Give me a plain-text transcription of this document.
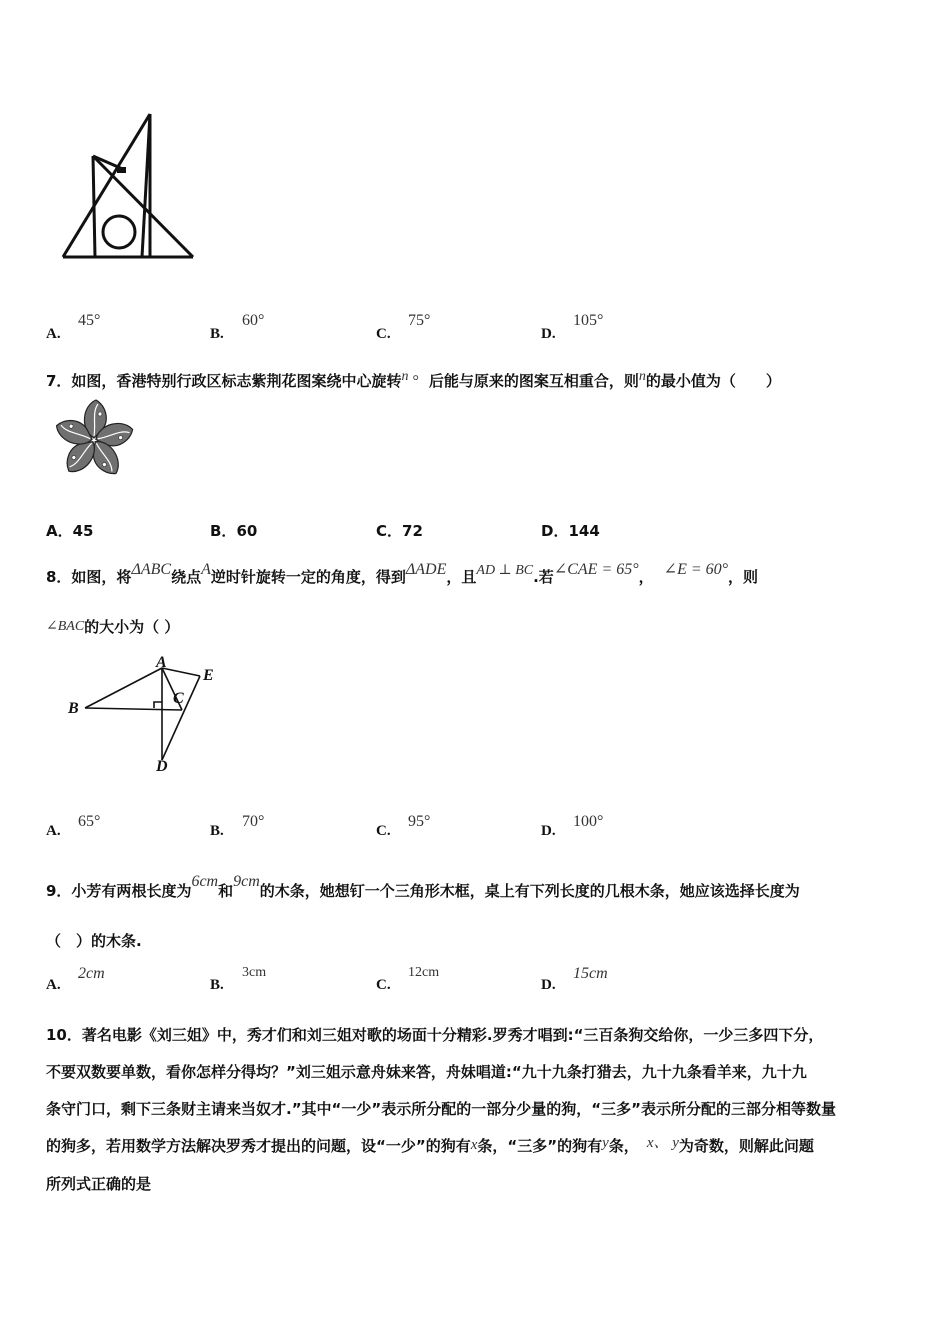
A.
45°
B.
60°
C.
75°
D.
105°
7．如图，香港特别行政区标志紫荆花图案绕中心旋转n ° 后能与原来的图案互相重合，则n的最小值为（　　）
A．45	B．60	C．72	D．144
8．如图，将ΔABC绕点A逆时针旋转一定的角度，得到ΔADE，且AD ⊥ BC.若∠CAE = 65°， ∠E = 60°，则
∠BAC的大小为（ ）
A
B
C
D
E
A.
65°
B.
70°
C.
95°
D.
100°
9．小芳有两根长度为6cm和9cm的木条，她想钉一个三角形木框，桌上有下列长度的几根木条，她应该选择长度为
（　）的木条.
A.
2cm
B.
3cm
C.
12cm
D.
15cm
10．著名电影《刘三姐》中，秀才们和刘三姐对歌的场面十分精彩.罗秀才唱到:“三百条狗交给你，一少三多四下分，
不要双数要单数，看你怎样分得均？”刘三姐示意舟妹来答，舟妹唱道:“九十九条打猎去，九十九条看羊来，九十九
条守门口，剩下三条财主请来当奴才.”其中“一少”表示所分配的一部分少量的狗，“三多”表示所分配的三部分相等数量
的狗多，若用数学方法解决罗秀才提出的问题，设“一少”的狗有x条，“三多”的狗有y条， x、 y为奇数，则解此问题
所列式正确的是
